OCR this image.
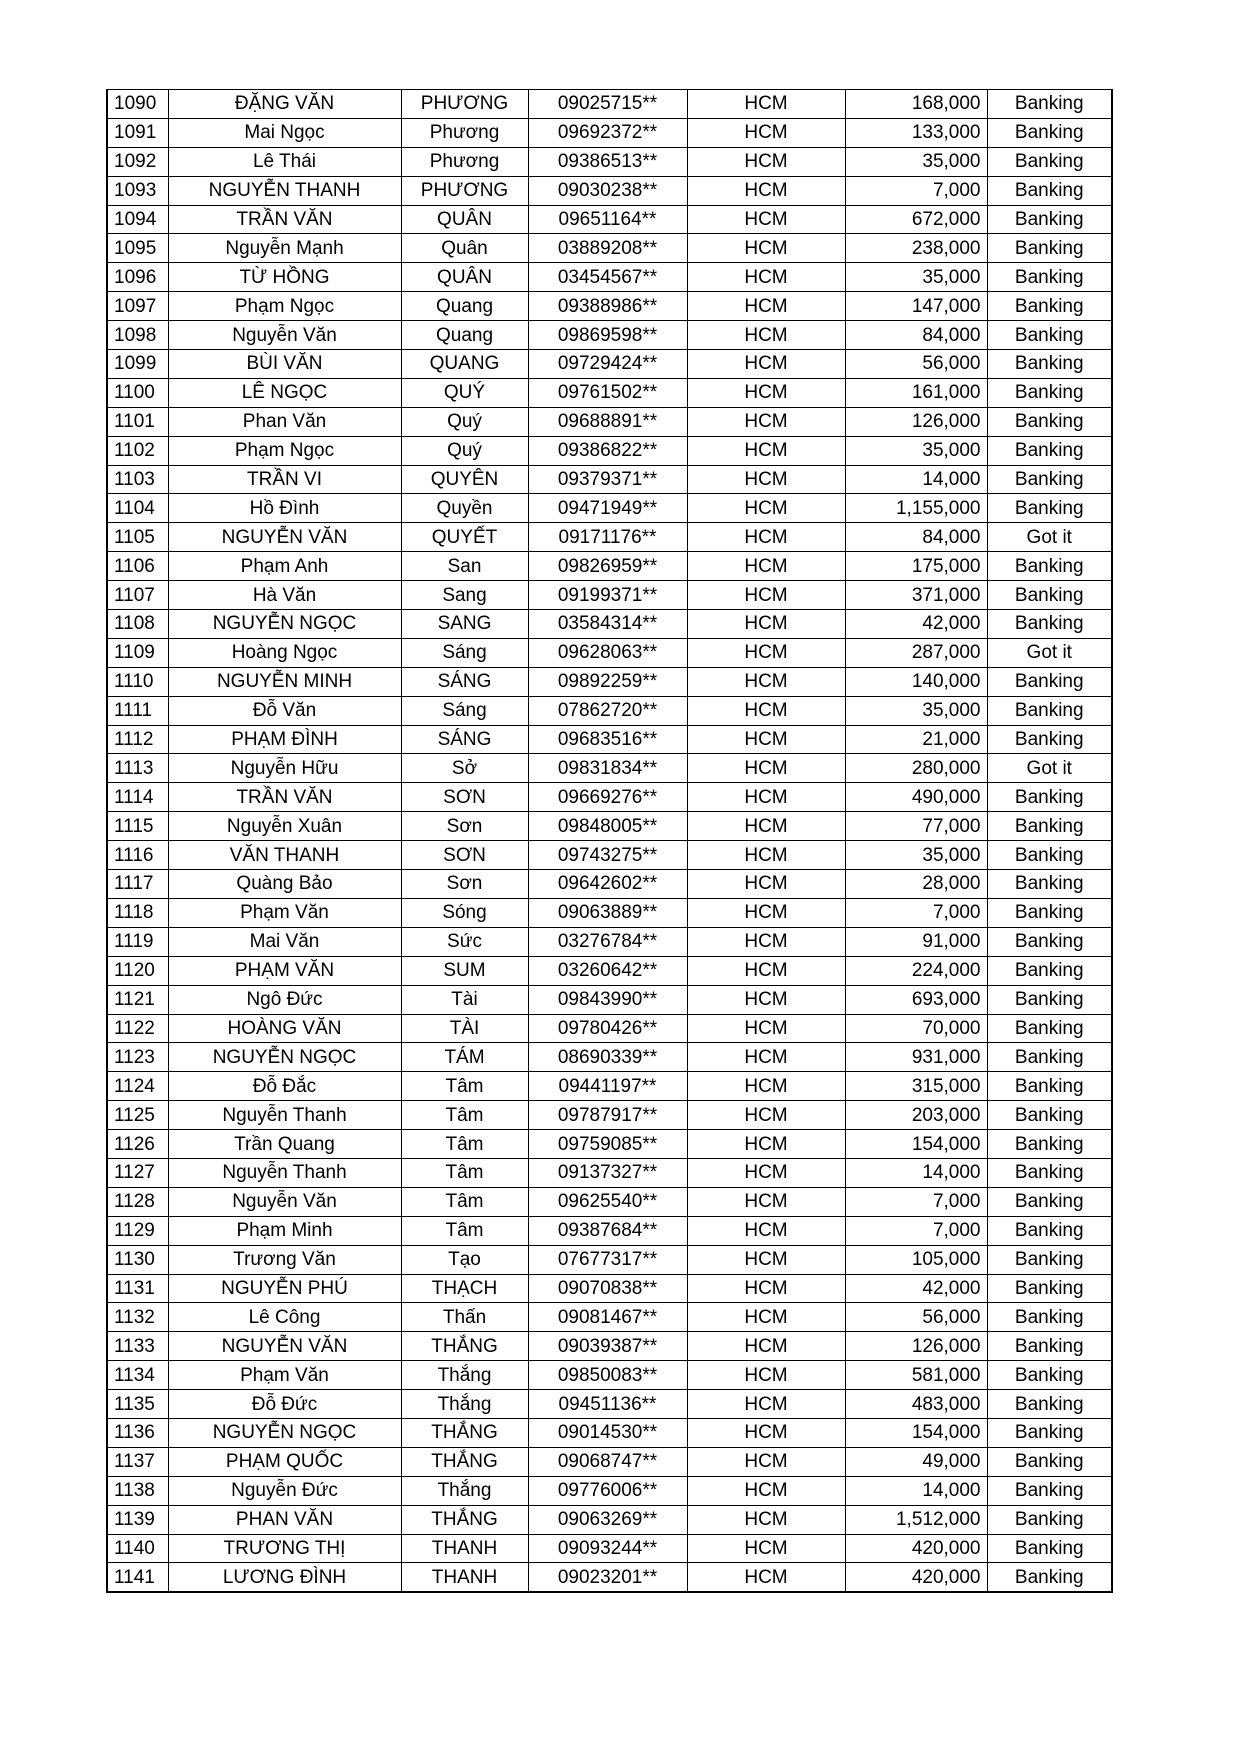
1090	ĐẶNG VĂN	PHƯƠNG	09025715**	HCM	168,000	Banking
1091	Mai Ngọc	Phương	09692372**	HCM	133,000	Banking
1092	Lê Thái	Phương	09386513**	HCM	35,000	Banking
1093	NGUYỄN THANH	PHƯƠNG	09030238**	HCM	7,000	Banking
1094	TRẦN VĂN	QUÂN	09651164**	HCM	672,000	Banking
1095	Nguyễn Mạnh	Quân	03889208**	HCM	238,000	Banking
1096	TỪ HỒNG	QUÂN	03454567**	HCM	35,000	Banking
1097	Phạm Ngọc	Quang	09388986**	HCM	147,000	Banking
1098	Nguyễn Văn	Quang	09869598**	HCM	84,000	Banking
1099	BÙI VĂN	QUANG	09729424**	HCM	56,000	Banking
1100	LÊ NGỌC	QUÝ	09761502**	HCM	161,000	Banking
1101	Phan Văn	Quý	09688891**	HCM	126,000	Banking
1102	Phạm Ngọc	Quý	09386822**	HCM	35,000	Banking
1103	TRẦN VI	QUYÊN	09379371**	HCM	14,000	Banking
1104	Hồ Đình	Quyền	09471949**	HCM	1,155,000	Banking
1105	NGUYỄN VĂN	QUYẾT	09171176**	HCM	84,000	Got it
1106	Phạm Anh	San	09826959**	HCM	175,000	Banking
1107	Hà Văn	Sang	09199371**	HCM	371,000	Banking
1108	NGUYỄN NGỌC	SANG	03584314**	HCM	42,000	Banking
1109	Hoàng Ngọc	Sáng	09628063**	HCM	287,000	Got it
1110	NGUYỄN MINH	SÁNG	09892259**	HCM	140,000	Banking
1111	Đỗ Văn	Sáng	07862720**	HCM	35,000	Banking
1112	PHẠM ĐÌNH	SÁNG	09683516**	HCM	21,000	Banking
1113	Nguyễn Hữu	Sở	09831834**	HCM	280,000	Got it
1114	TRẦN VĂN	SƠN	09669276**	HCM	490,000	Banking
1115	Nguyễn Xuân	Sơn	09848005**	HCM	77,000	Banking
1116	VĂN THANH	SƠN	09743275**	HCM	35,000	Banking
1117	Quàng Bảo	Sơn	09642602**	HCM	28,000	Banking
1118	Phạm Văn	Sóng	09063889**	HCM	7,000	Banking
1119	Mai Văn	Sức	03276784**	HCM	91,000	Banking
1120	PHẠM VĂN	SUM	03260642**	HCM	224,000	Banking
1121	Ngô Đức	Tài	09843990**	HCM	693,000	Banking
1122	HOÀNG VĂN	TÀI	09780426**	HCM	70,000	Banking
1123	NGUYỄN NGỌC	TÁM	08690339**	HCM	931,000	Banking
1124	Đỗ Đắc	Tâm	09441197**	HCM	315,000	Banking
1125	Nguyễn Thanh	Tâm	09787917**	HCM	203,000	Banking
1126	Trần Quang	Tâm	09759085**	HCM	154,000	Banking
1127	Nguyễn Thanh	Tâm	09137327**	HCM	14,000	Banking
1128	Nguyễn Văn	Tâm	09625540**	HCM	7,000	Banking
1129	Phạm Minh	Tâm	09387684**	HCM	7,000	Banking
1130	Trương Văn	Tạo	07677317**	HCM	105,000	Banking
1131	NGUYỄN PHÚ	THẠCH	09070838**	HCM	42,000	Banking
1132	Lê Công	Thấn	09081467**	HCM	56,000	Banking
1133	NGUYỄN VĂN	THẮNG	09039387**	HCM	126,000	Banking
1134	Phạm Văn	Thắng	09850083**	HCM	581,000	Banking
1135	Đỗ Đức	Thắng	09451136**	HCM	483,000	Banking
1136	NGUYỄN NGỌC	THẮNG	09014530**	HCM	154,000	Banking
1137	PHẠM QUỐC	THẮNG	09068747**	HCM	49,000	Banking
1138	Nguyễn Đức	Thắng	09776006**	HCM	14,000	Banking
1139	PHAN VĂN	THẮNG	09063269**	HCM	1,512,000	Banking
1140	TRƯƠNG THỊ	THANH	09093244**	HCM	420,000	Banking
1141	LƯƠNG ĐÌNH	THANH	09023201**	HCM	420,000	Banking
